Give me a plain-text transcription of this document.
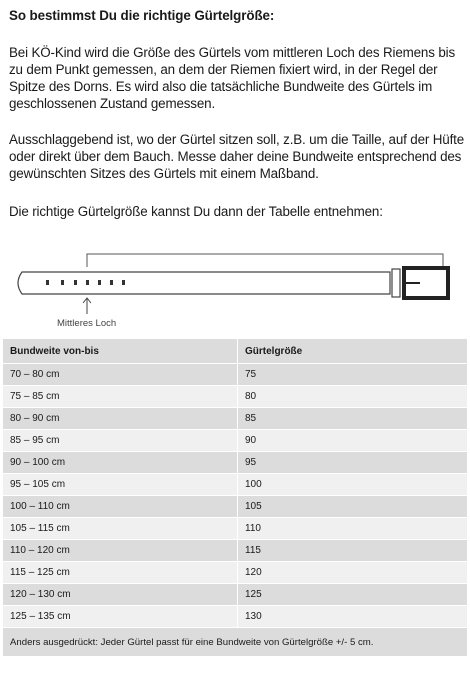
So bestimmst Du die richtige Gürtelgröße:

Bei KÖ-Kind wird die Größe des Gürtels vom mittleren Loch des Riemens bis zu dem Punkt gemessen, an dem der Riemen fixiert wird, in der Regel der Spitze des Dorns. Es wird also die tatsächliche Bundweite des Gürtels im geschlossenen Zustand gemessen.

Ausschlaggebend ist, wo der Gürtel sitzen soll, z.B. um die Taille, auf der Hüfte oder direkt über dem Bauch. Messe daher deine Bundweite entsprechend des gewünschten Sitzes des Gürtels mit einem Maßband.

Die richtige Gürtelgröße kannst Du dann der Tabelle entnehmen:

Mittleres Loch
Bundweite von-bis	Gürtelgröße
70 – 80 cm	75
75 – 85 cm	80
80 – 90 cm	85
85 – 95 cm	90
90 – 100 cm	95
95 – 105 cm	100
100 – 110 cm	105
105 – 115 cm	110
110 – 120 cm	115
115 – 125 cm	120
120 – 130 cm	125
125 – 135 cm	130
Anders ausgedrückt: Jeder Gürtel passt für eine Bundweite von Gürtelgröße +/- 5 cm.	
